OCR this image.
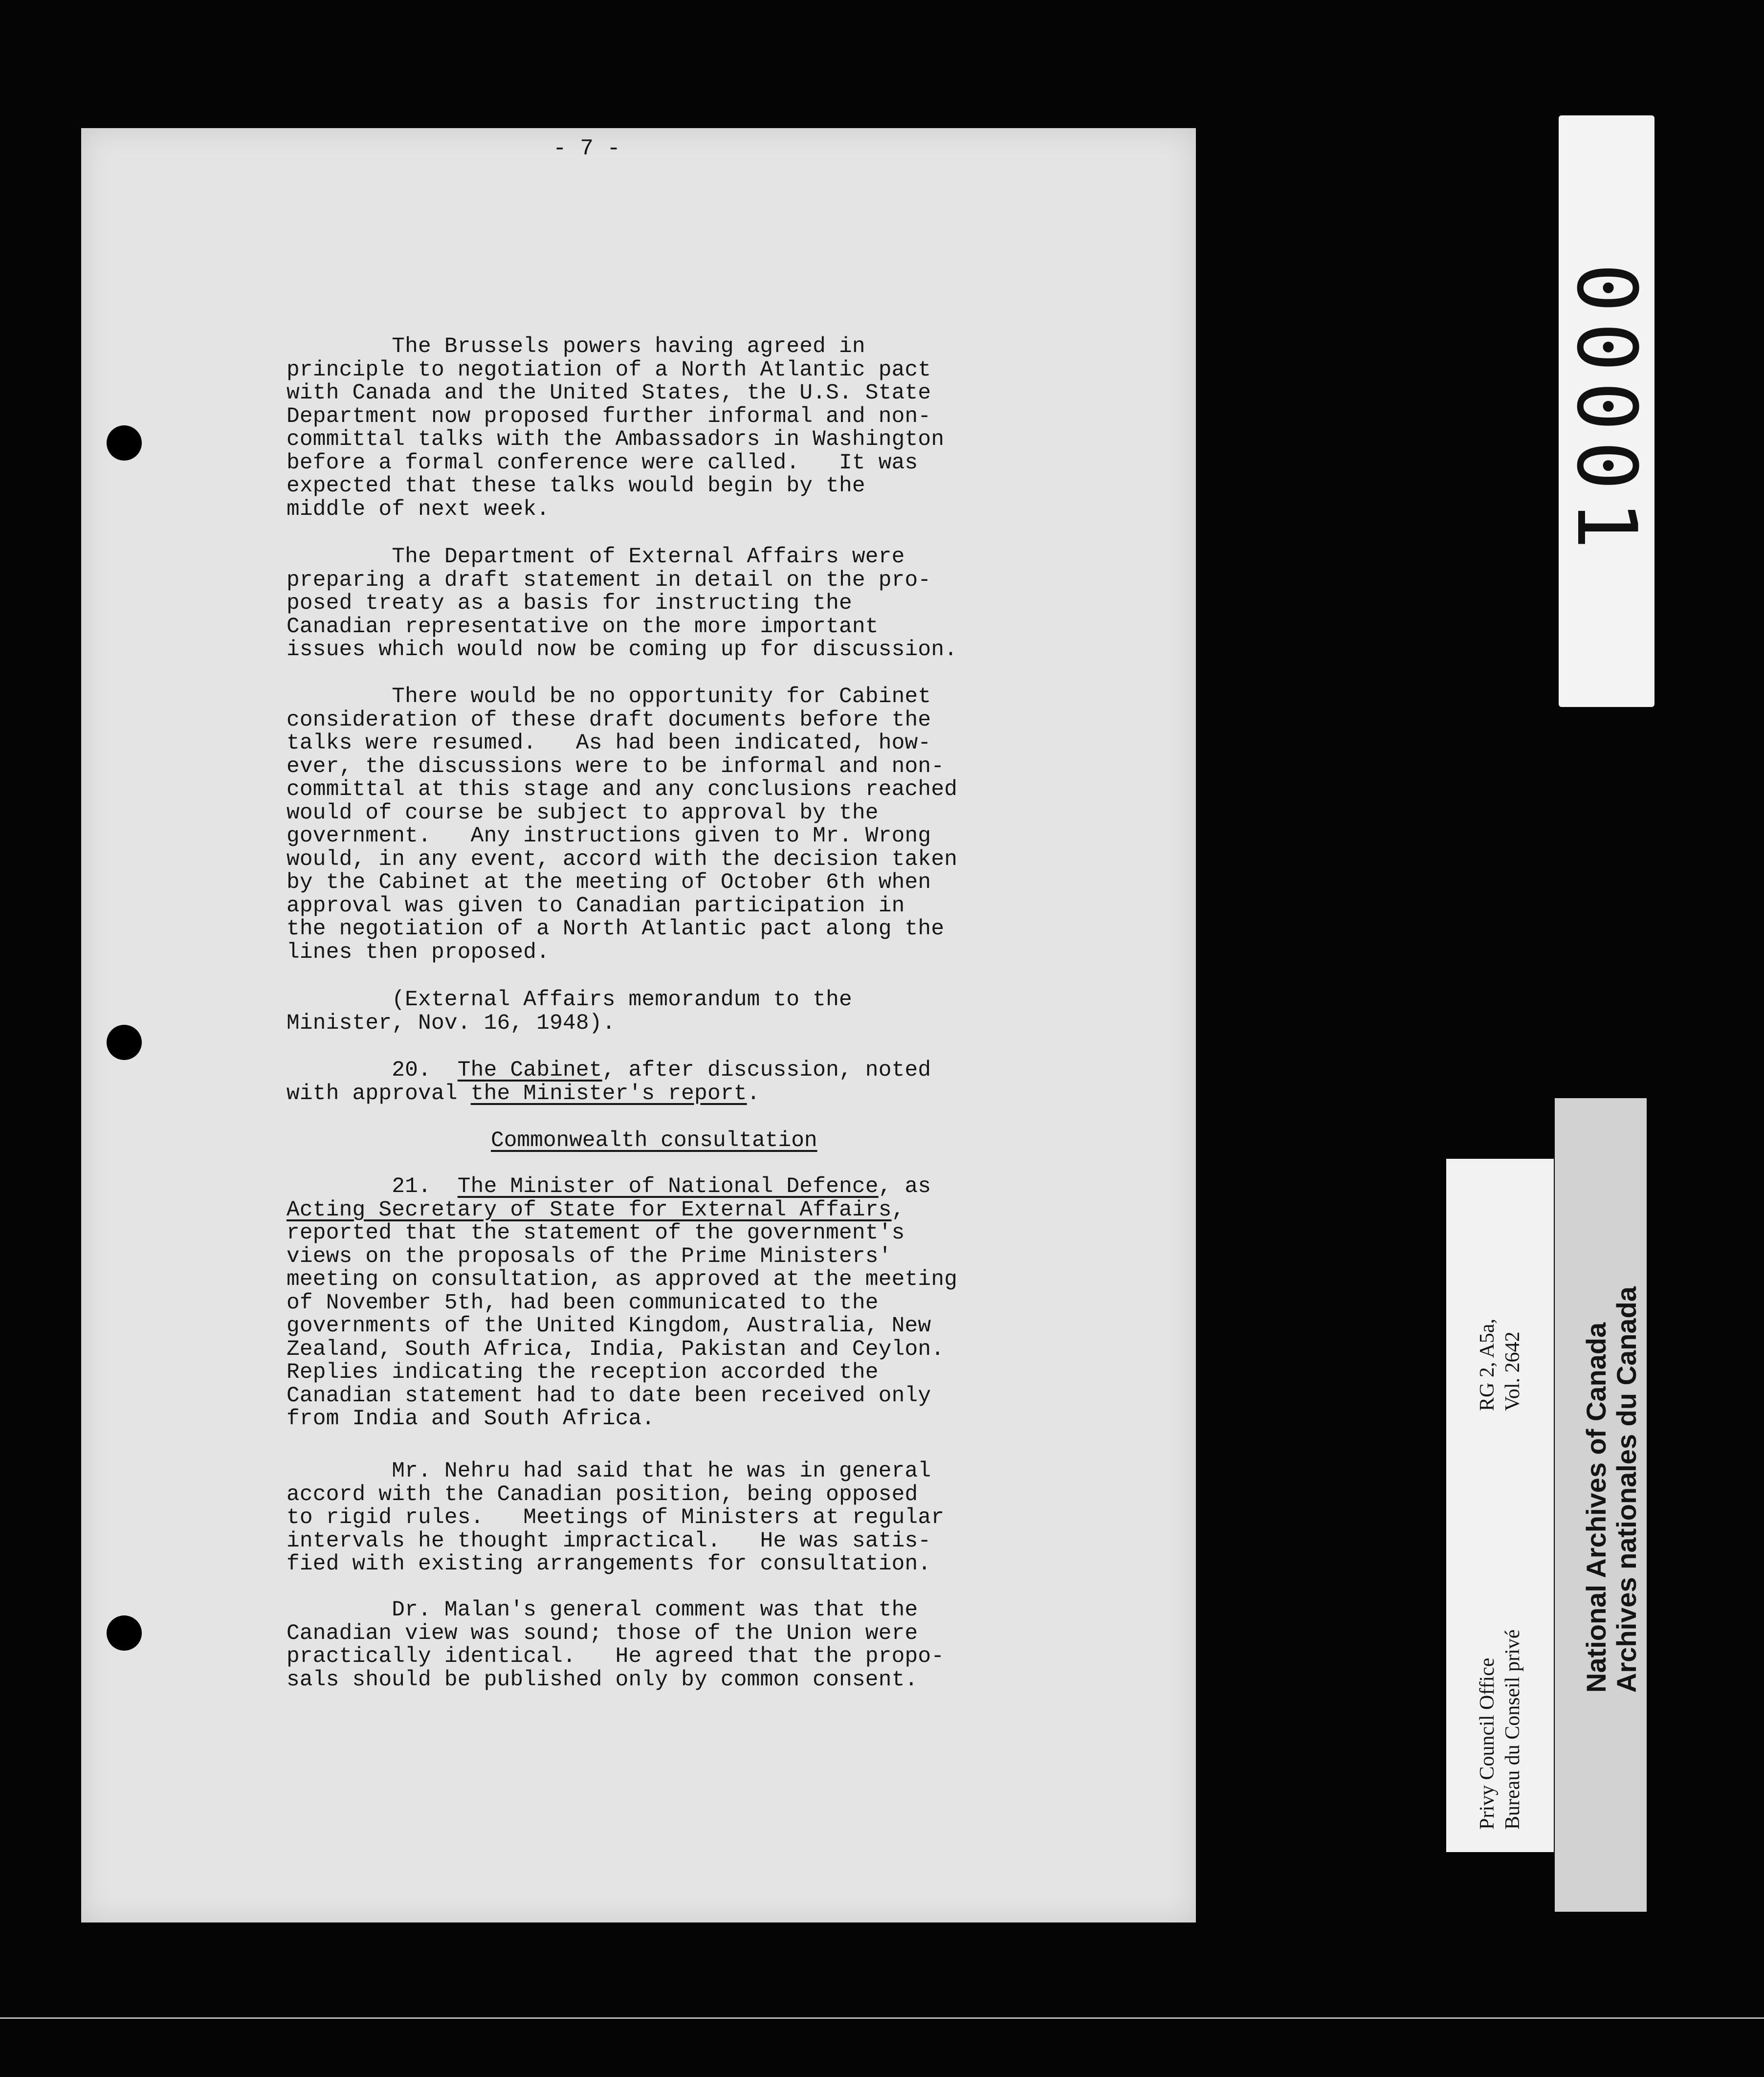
- 7 -
The Brussels powers having agreed in
principle to negotiation of a North Atlantic pact
with Canada and the United States, the U.S. State
Department now proposed further informal and non-
committal talks with the Ambassadors in Washington
before a formal conference were called.   It was
expected that these talks would begin by the
middle of next week.
The Department of External Affairs were
preparing a draft statement in detail on the pro-
posed treaty as a basis for instructing the
Canadian representative on the more important
issues which would now be coming up for discussion.
There would be no opportunity for Cabinet
consideration of these draft documents before the
talks were resumed.   As had been indicated, how-
ever, the discussions were to be informal and non-
committal at this stage and any conclusions reached
would of course be subject to approval by the
government.   Any instructions given to Mr. Wrong
would, in any event, accord with the decision taken
by the Cabinet at the meeting of October 6th when
approval was given to Canadian participation in
the negotiation of a North Atlantic pact along the
lines then proposed.
(External Affairs memorandum to the
Minister, Nov. 16, 1948).
20.  The Cabinet, after discussion, noted
with approval the Minister's report.
Commonwealth consultation
21.  The Minister of National Defence, as
Acting Secretary of State for External Affairs,
reported that the statement of the government's
views on the proposals of the Prime Ministers'
meeting on consultation, as approved at the meeting
of November 5th, had been communicated to the
governments of the United Kingdom, Australia, New
Zealand, South Africa, India, Pakistan and Ceylon.
Replies indicating the reception accorded the
Canadian statement had to date been received only
from India and South Africa.
Mr. Nehru had said that he was in general
accord with the Canadian position, being opposed
to rigid rules.   Meetings of Ministers at regular
intervals he thought impractical.   He was satis-
fied with existing arrangements for consultation.
Dr. Malan's general comment was that the
Canadian view was sound; those of the Union were
practically identical.   He agreed that the propo-
sals should be published only by common consent.
00001
Privy Council Office Bureau du Conseil privé
RG 2, A5a, Vol. 2642 National Archives of Canada Archives nationales du Canada
